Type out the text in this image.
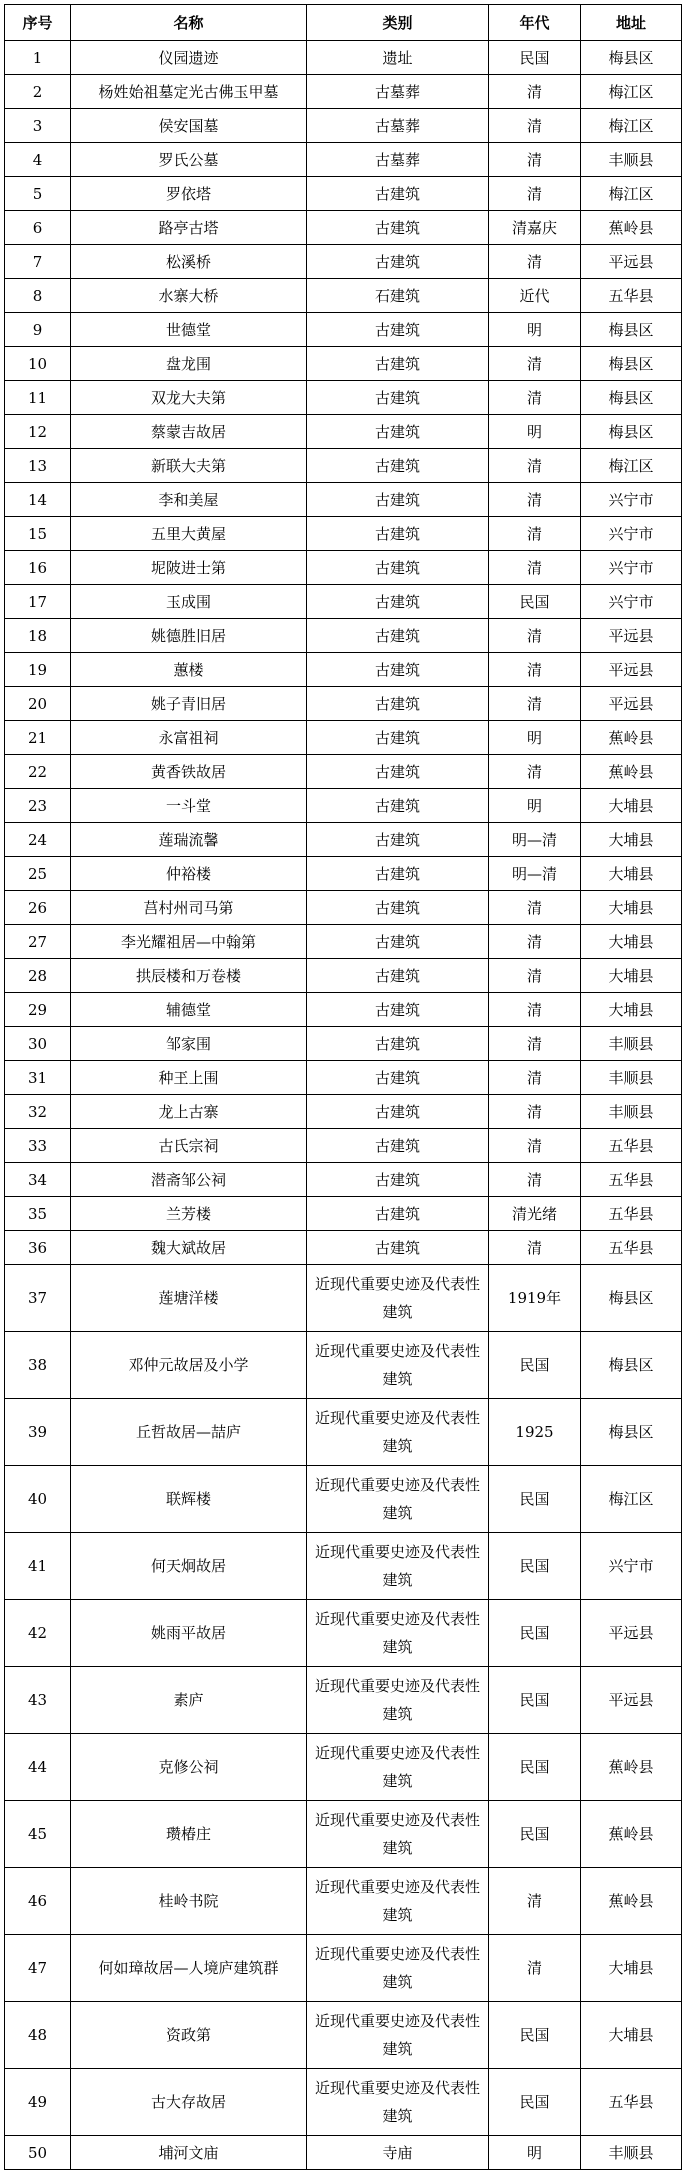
序号	名称	类别	年代	地址
1	仪园遗迹	遗址	民国	梅县区
2	杨姓始祖墓定光古佛玉甲墓	古墓葬	清	梅江区
3	侯安国墓	古墓葬	清	梅江区
4	罗氏公墓	古墓葬	清	丰顺县
5	罗依塔	古建筑	清	梅江区
6	路亭古塔	古建筑	清嘉庆	蕉岭县
7	松溪桥	古建筑	清	平远县
8	水寨大桥	石建筑	近代	五华县
9	世德堂	古建筑	明	梅县区
10	盘龙围	古建筑	清	梅县区
11	双龙大夫第	古建筑	清	梅县区
12	蔡蒙吉故居	古建筑	明	梅县区
13	新联大夫第	古建筑	清	梅江区
14	李和美屋	古建筑	清	兴宁市
15	五里大黄屋	古建筑	清	兴宁市
16	坭陂进士第	古建筑	清	兴宁市
17	玉成围	古建筑	民国	兴宁市
18	姚德胜旧居	古建筑	清	平远县
19	蕙楼	古建筑	清	平远县
20	姚子青旧居	古建筑	清	平远县
21	永富祖祠	古建筑	明	蕉岭县
22	黄香铁故居	古建筑	清	蕉岭县
23	一斗堂	古建筑	明	大埔县
24	莲瑞流馨	古建筑	明—清	大埔县
25	仲裕楼	古建筑	明—清	大埔县
26	莒村州司马第	古建筑	清	大埔县
27	李光耀祖居—中翰第	古建筑	清	大埔县
28	拱辰楼和万卷楼	古建筑	清	大埔县
29	辅德堂	古建筑	清	大埔县
30	邹家围	古建筑	清	丰顺县
31	种玊上围	古建筑	清	丰顺县
32	龙上古寨	古建筑	清	丰顺县
33	古氏宗祠	古建筑	清	五华县
34	潜斋邹公祠	古建筑	清	五华县
35	兰芳楼	古建筑	清光绪	五华县
36	魏大斌故居	古建筑	清	五华县
37	莲塘洋楼	近现代重要史迹及代表性建筑	1919年	梅县区
38	邓仲元故居及小学	近现代重要史迹及代表性建筑	民国	梅县区
39	丘哲故居—喆庐	近现代重要史迹及代表性建筑	1925	梅县区
40	联辉楼	近现代重要史迹及代表性建筑	民国	梅江区
41	何天炯故居	近现代重要史迹及代表性建筑	民国	兴宁市
42	姚雨平故居	近现代重要史迹及代表性建筑	民国	平远县
43	素庐	近现代重要史迹及代表性建筑	民国	平远县
44	克修公祠	近现代重要史迹及代表性建筑	民国	蕉岭县
45	瓒椿庄	近现代重要史迹及代表性建筑	民国	蕉岭县
46	桂岭书院	近现代重要史迹及代表性建筑	清	蕉岭县
47	何如璋故居—人境庐建筑群	近现代重要史迹及代表性建筑	清	大埔县
48	资政第	近现代重要史迹及代表性建筑	民国	大埔县
49	古大存故居	近现代重要史迹及代表性建筑	民国	五华县
50	埔河文庙	寺庙	明	丰顺县
